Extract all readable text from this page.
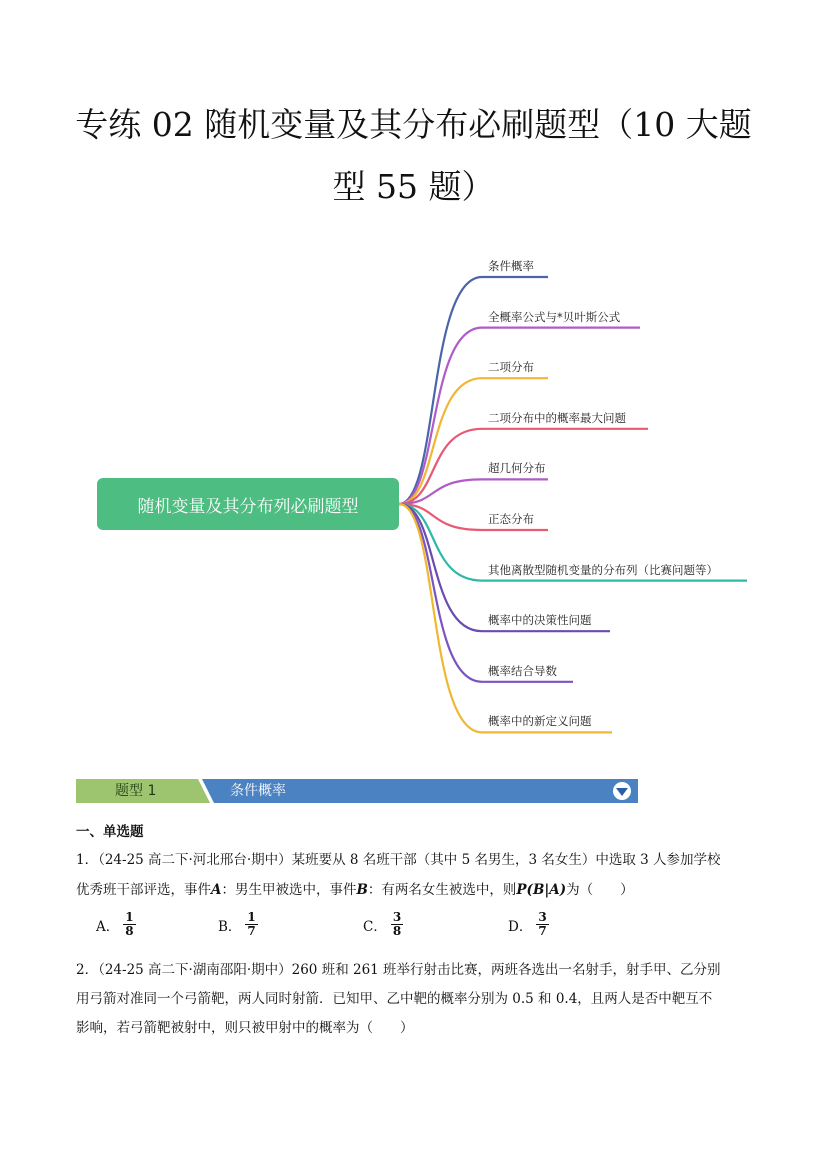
专练 02 随机变量及其分布必刷题型（10 大题
型 55 题）
随机变量及其分布列必刷题型
条件概率
全概率公式与*贝叶斯公式
二项分布
二项分布中的概率最大问题
超几何分布
正态分布
其他离散型随机变量的分布列（比赛问题等）
概率中的决策性问题
概率结合导数
概率中的新定义问题
题型 1	条件概率
一、单选题
1．（24-25 高二下·河北邢台·期中）某班要从 8 名班干部（其中 5 名男生，3 名女生）中选取 3 人参加学校
优秀班干部评选，事件A：男生甲被选中，事件B：有两名女生被选中，则P(B|A)为（　　）
A． $\frac{1}{8}$	B． $\frac{1}{7}$	C． $\frac{3}{8}$	D． $\frac{3}{7}$
2．（24-25 高二下·湖南邵阳·期中）260 班和 261 班举行射击比赛，两班各选出一名射手，射手甲、乙分别
用弓箭对准同一个弓箭靶，两人同时射箭．已知甲、乙中靶的概率分别为 0.5 和 0.4，且两人是否中靶互不
影响，若弓箭靶被射中，则只被甲射中的概率为（　　）
